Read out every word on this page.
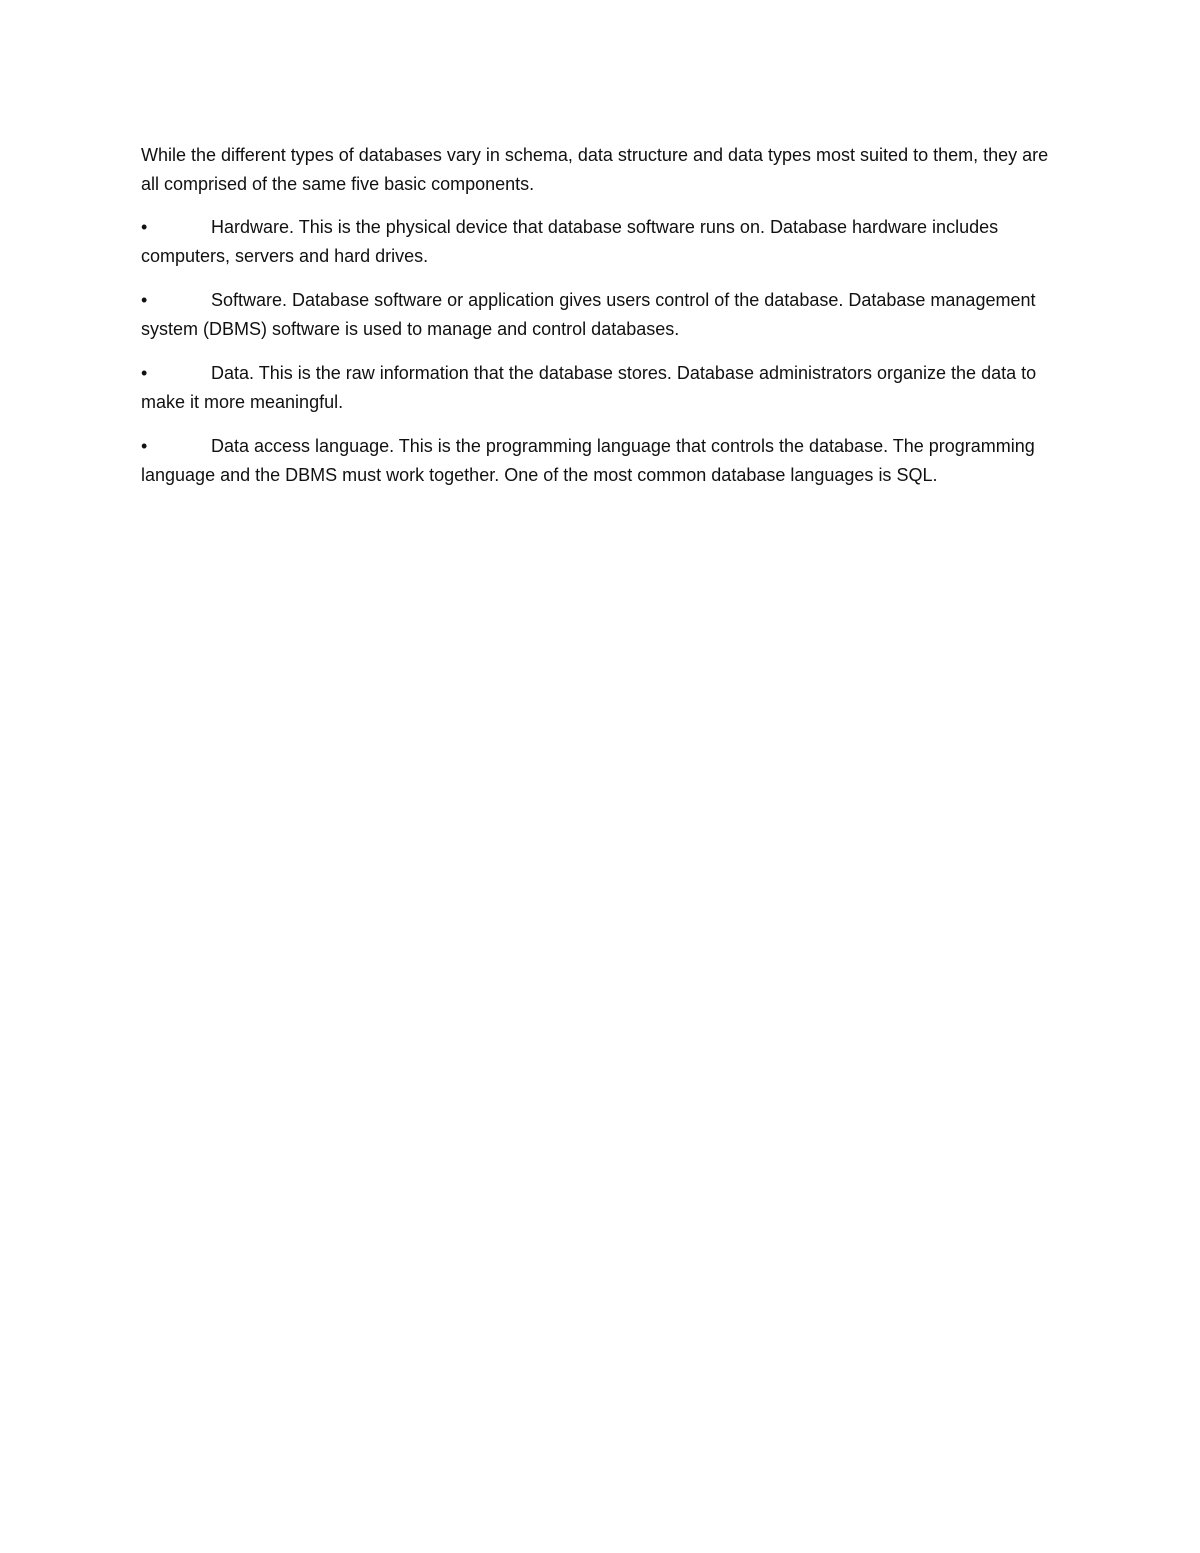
While the different types of databases vary in schema, data structure and data types most suited to them, they are all comprised of the same five basic components.

•	Hardware. This is the physical device that database software runs on. Database hardware includes computers, servers and hard drives.
•	Software. Database software or application gives users control of the database. Database management system (DBMS) software is used to manage and control databases.
•	Data. This is the raw information that the database stores. Database administrators organize the data to make it more meaningful.
•	Data access language. This is the programming language that controls the database. The programming language and the DBMS must work together. One of the most common database languages is SQL.
